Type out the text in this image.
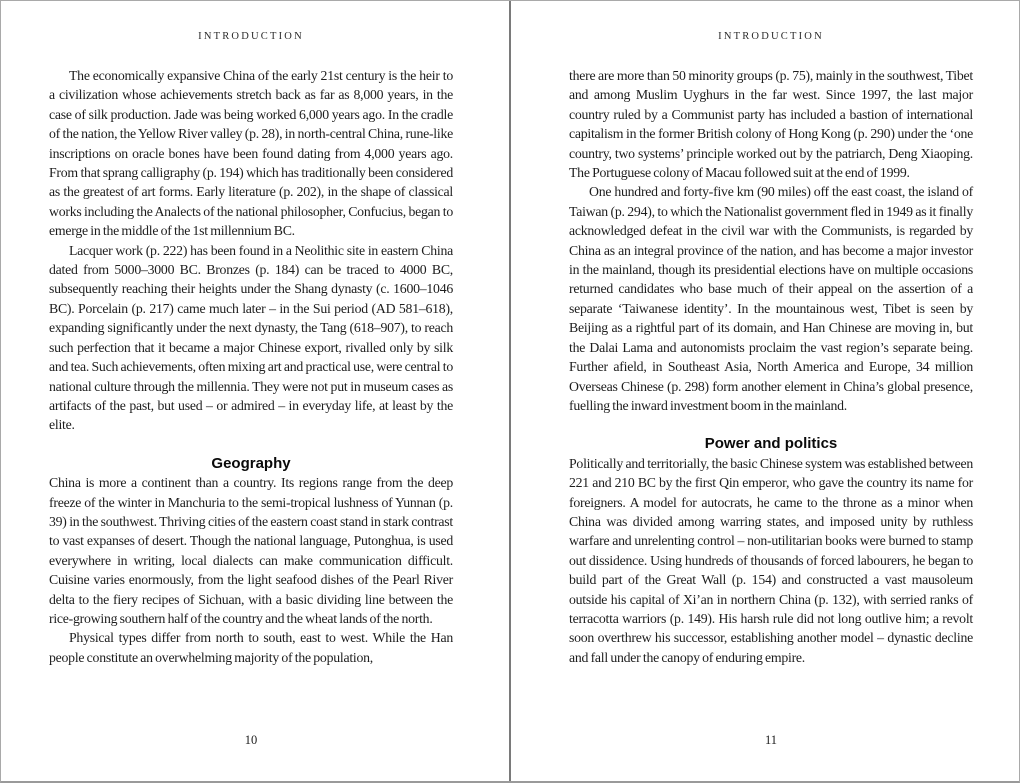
INTRODUCTION

The economically expansive China of the early 21st century is the heir to a civilization whose achievements stretch back as far as 8,000 years, in the case of silk production. Jade was being worked 6,000 years ago. In the cradle of the nation, the Yellow River valley (p. 28), in north-central China, rune-like inscriptions on oracle bones have been found dating from 4,000 years ago. From that sprang calligraphy (p. 194) which has traditionally been considered as the greatest of art forms. Early literature (p. 202), in the shape of classical works including the Analects of the national philosopher, Confucius, began to emerge in the middle of the 1st millennium BC.

Lacquer work (p. 222) has been found in a Neolithic site in eastern China dated from 5000–3000 BC. Bronzes (p. 184) can be traced to 4000 BC, subsequently reaching their heights under the Shang dynasty (c. 1600–1046 BC). Porcelain (p. 217) came much later – in the Sui period (AD 581–618), expanding significantly under the next dynasty, the Tang (618–907), to reach such perfection that it became a major Chinese export, rivalled only by silk and tea. Such achievements, often mixing art and practical use, were central to national culture through the millennia. They were not put in museum cases as artifacts of the past, but used – or admired – in everyday life, at least by the elite.

Geography

China is more a continent than a country. Its regions range from the deep freeze of the winter in Manchuria to the semi-tropical lushness of Yunnan (p. 39) in the southwest. Thriving cities of the eastern coast stand in stark contrast to vast expanses of desert. Though the national language, Putonghua, is used everywhere in writing, local dialects can make communication difficult. Cuisine varies enormously, from the light seafood dishes of the Pearl River delta to the fiery recipes of Sichuan, with a basic dividing line between the rice-growing southern half of the country and the wheat lands of the north.

Physical types differ from north to south, east to west. While the Han people constitute an overwhelming majority of the population,

10
INTRODUCTION

there are more than 50 minority groups (p. 75), mainly in the southwest, Tibet and among Muslim Uyghurs in the far west. Since 1997, the last major country ruled by a Communist party has included a bastion of international capitalism in the former British colony of Hong Kong (p. 290) under the ‘one country, two systems’ principle worked out by the patriarch, Deng Xiaoping. The Portuguese colony of Macau followed suit at the end of 1999.

One hundred and forty-five km (90 miles) off the east coast, the island of Taiwan (p. 294), to which the Nationalist government fled in 1949 as it finally acknowledged defeat in the civil war with the Communists, is regarded by China as an integral province of the nation, and has become a major investor in the mainland, though its presidential elections have on multiple occasions returned candidates who base much of their appeal on the assertion of a separate ‘Taiwanese identity’. In the mountainous west, Tibet is seen by Beijing as a rightful part of its domain, and Han Chinese are moving in, but the Dalai Lama and autonomists proclaim the vast region’s separate being. Further afield, in Southeast Asia, North America and Europe, 34 million Overseas Chinese (p. 298) form another element in China’s global presence, fuelling the inward investment boom in the mainland.

Power and politics

Politically and territorially, the basic Chinese system was established between 221 and 210 BC by the first Qin emperor, who gave the country its name for foreigners. A model for autocrats, he came to the throne as a minor when China was divided among warring states, and imposed unity by ruthless warfare and unrelenting control – non-utilitarian books were burned to stamp out dissidence. Using hundreds of thousands of forced labourers, he began to build part of the Great Wall (p. 154) and constructed a vast mausoleum outside his capital of Xi’an in northern China (p. 132), with serried ranks of terracotta warriors (p. 149). His harsh rule did not long outlive him; a revolt soon overthrew his successor, establishing another model – dynastic decline and fall under the canopy of enduring empire.

11
